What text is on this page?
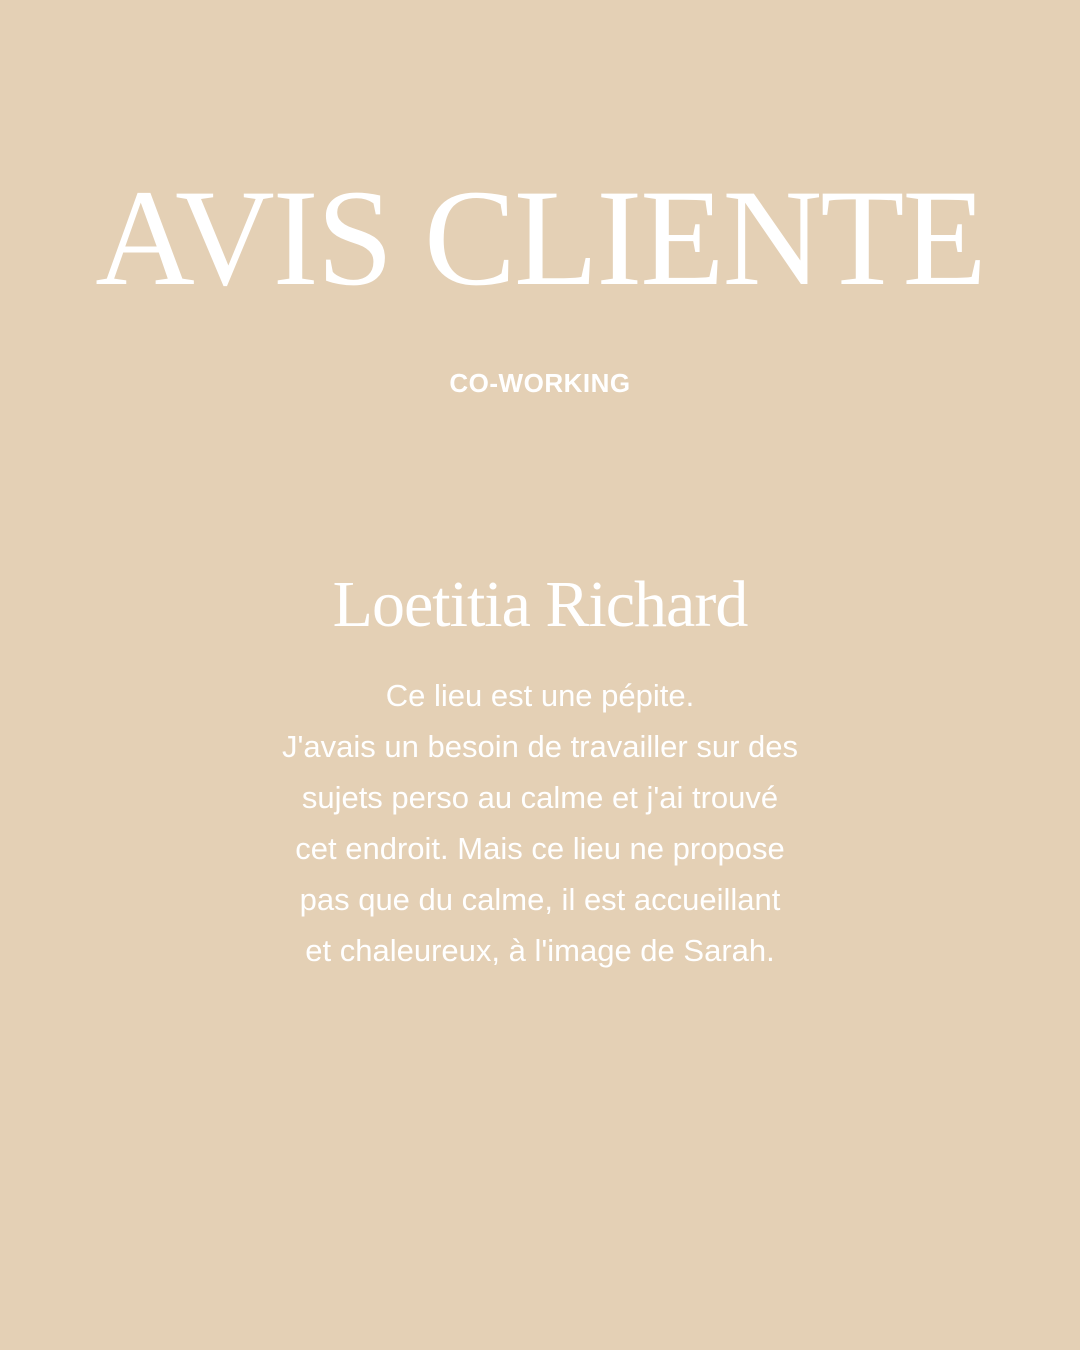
AVIS CLIENTE
CO-WORKING
Loetitia Richard

Ce lieu est une pépite.
J'avais un besoin de travailler sur des
sujets perso au calme et j'ai trouvé
cet endroit. Mais ce lieu ne propose
pas que du calme, il est accueillant
et chaleureux, à l'image de Sarah.
